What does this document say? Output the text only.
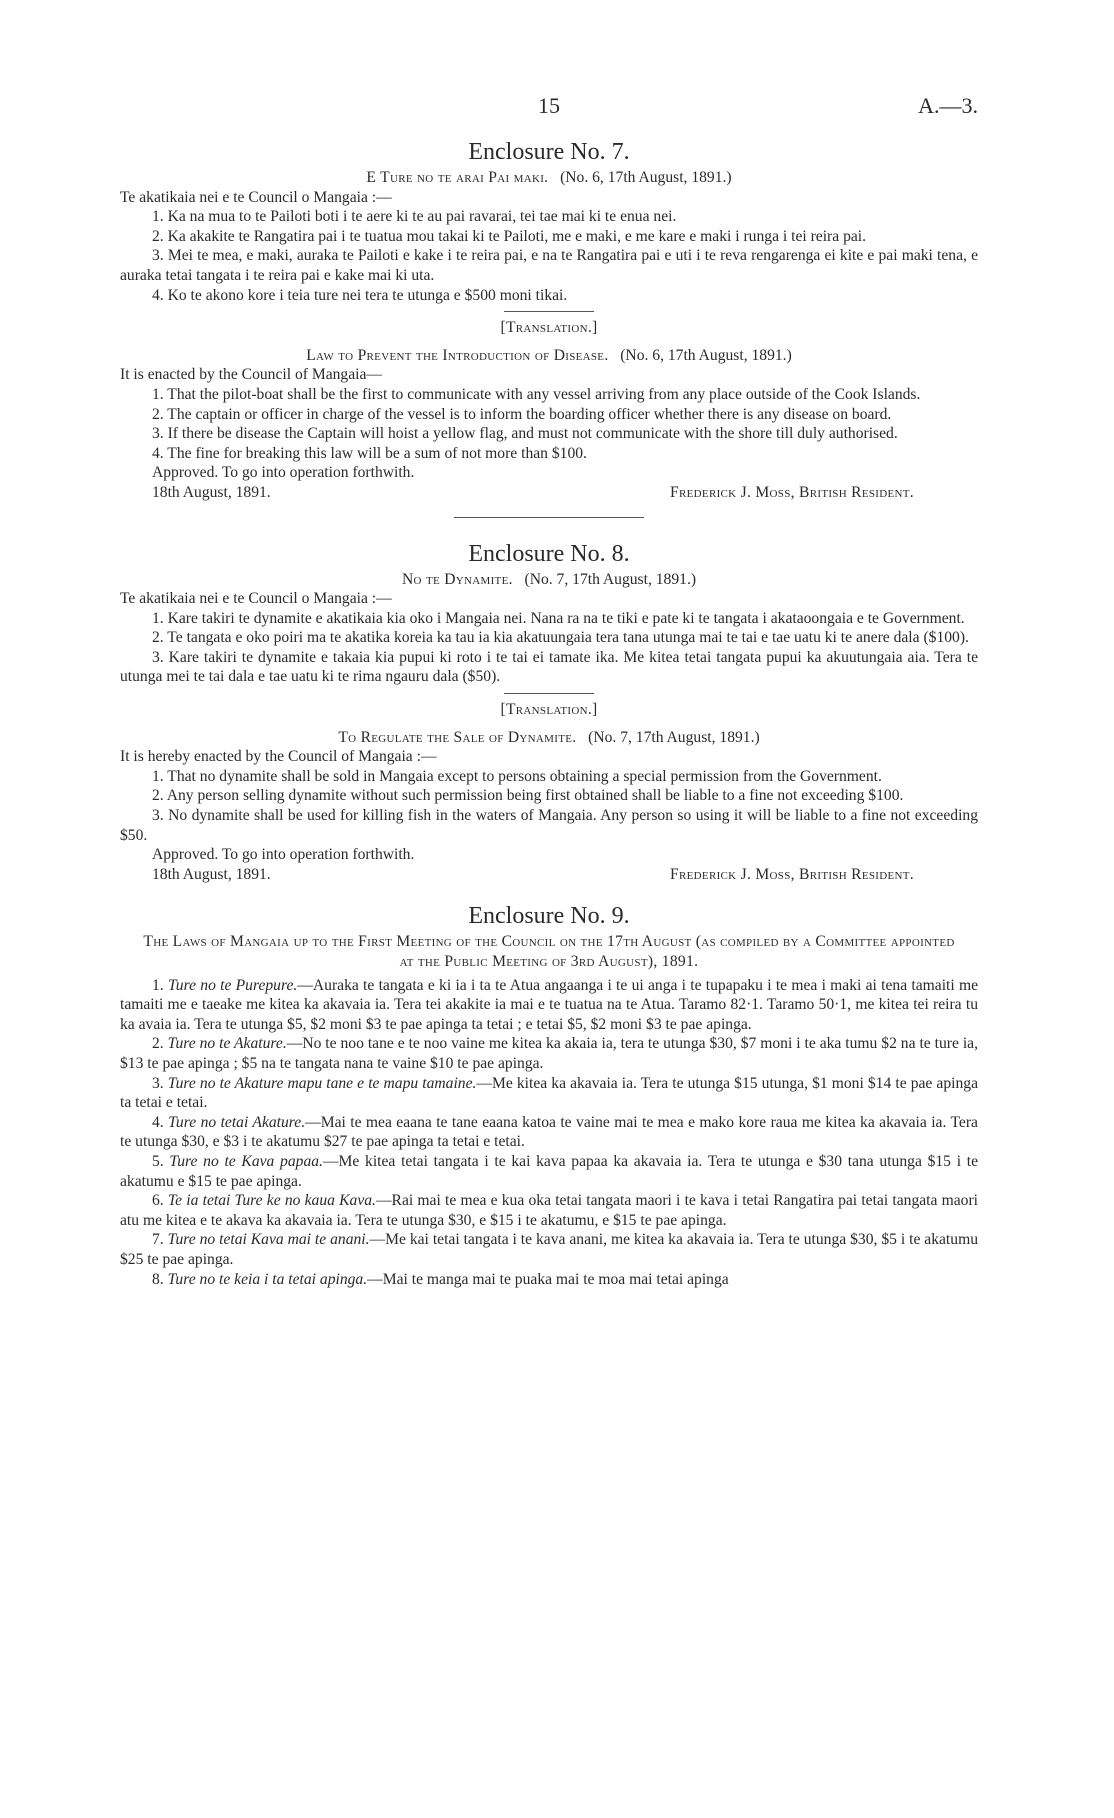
15	A.—3.
Enclosure No. 7.
E Ture no te arai Pai maki. (No. 6, 17th August, 1891.)

Te akatikaia nei e te Council o Mangaia :—

1. Ka na mua to te Pailoti boti i te aere ki te au pai ravarai, tei tae mai ki te enua nei.

2. Ka akakite te Rangatira pai i te tuatua mou takai ki te Pailoti, me e maki, e me kare e maki i runga i tei reira pai.

3. Mei te mea, e maki, auraka te Pailoti e kake i te reira pai, e na te Rangatira pai e uti i te reva rengarenga ei kite e pai maki tena, e auraka tetai tangata i te reira pai e kake mai ki uta.

4. Ko te akono kore i teia ture nei tera te utunga e $500 moni tikai.

[Translation.]
Law to Prevent the Introduction of Disease. (No. 6, 17th August, 1891.)

It is enacted by the Council of Mangaia—

1. That the pilot-boat shall be the first to communicate with any vessel arriving from any place outside of the Cook Islands.

2. The captain or officer in charge of the vessel is to inform the boarding officer whether there is any disease on board.

3. If there be disease the Captain will hoist a yellow flag, and must not communicate with the shore till duly authorised.

4. The fine for breaking this law will be a sum of not more than $100.

Approved. To go into operation forthwith.

18th August, 1891.	Frederick J. Moss, British Resident.
Enclosure No. 8.
No te Dynamite. (No. 7, 17th August, 1891.)

Te akatikaia nei e te Council o Mangaia :—

1. Kare takiri te dynamite e akatikaia kia oko i Mangaia nei. Nana ra na te tiki e pate ki te tangata i akataoongaia e te Government.

2. Te tangata e oko poiri ma te akatika koreia ka tau ia kia akatuungaia tera tana utunga mai te tai e tae uatu ki te anere dala ($100).

3. Kare takiri te dynamite e takaia kia pupui ki roto i te tai ei tamate ika. Me kitea tetai tangata pupui ka akuutungaia aia. Tera te utunga mei te tai dala e tae uatu ki te rima ngauru dala ($50).

[Translation.]
To Regulate the Sale of Dynamite. (No. 7, 17th August, 1891.)

It is hereby enacted by the Council of Mangaia :—

1. That no dynamite shall be sold in Mangaia except to persons obtaining a special permission from the Government.

2. Any person selling dynamite without such permission being first obtained shall be liable to a fine not exceeding $100.

3. No dynamite shall be used for killing fish in the waters of Mangaia. Any person so using it will be liable to a fine not exceeding $50.

Approved. To go into operation forthwith.

18th August, 1891.	Frederick J. Moss, British Resident.
Enclosure No. 9.

The Laws of Mangaia up to the First Meeting of the Council on the 17th August (as compiled by a Committee appointed at the Public Meeting of 3rd August), 1891.

1. Ture no te Purepure.—Auraka te tangata e ki ia i ta te Atua angaanga i te ui anga i te tupapaku i te mea i maki ai tena tamaiti me tamaiti me e taeake me kitea ka akavaia ia. Tera tei akakite ia mai e te tuatua na te Atua. Taramo 82·1. Taramo 50·1, me kitea tei reira tu ka avaia ia. Tera te utunga $5, $2 moni $3 te pae apinga ta tetai ; e tetai $5, $2 moni $3 te pae apinga.

2. Ture no te Akature.—No te noo tane e te noo vaine me kitea ka akaia ia, tera te utunga $30, $7 moni i te aka tumu $2 na te ture ia, $13 te pae apinga ; $5 na te tangata nana te vaine $10 te pae apinga.

3. Ture no te Akature mapu tane e te mapu tamaine.—Me kitea ka akavaia ia. Tera te utunga $15 utunga, $1 moni $14 te pae apinga ta tetai e tetai.

4. Ture no tetai Akature.—Mai te mea eaana te tane eaana katoa te vaine mai te mea e mako kore raua me kitea ka akavaia ia. Tera te utunga $30, e $3 i te akatumu $27 te pae apinga ta tetai e tetai.

5. Ture no te Kava papaa.—Me kitea tetai tangata i te kai kava papaa ka akavaia ia. Tera te utunga e $30 tana utunga $15 i te akatumu e $15 te pae apinga.

6. Te ia tetai Ture ke no kaua Kava.—Rai mai te mea e kua oka tetai tangata maori i te kava i tetai Rangatira pai tetai tangata maori atu me kitea e te akava ka akavaia ia. Tera te utunga $30, e $15 i te akatumu, e $15 te pae apinga.

7. Ture no tetai Kava mai te anani.—Me kai tetai tangata i te kava anani, me kitea ka akavaia ia. Tera te utunga $30, $5 i te akatumu $25 te pae apinga.

8. Ture no te keia i ta tetai apinga.—Mai te manga mai te puaka mai te moa mai tetai apinga
